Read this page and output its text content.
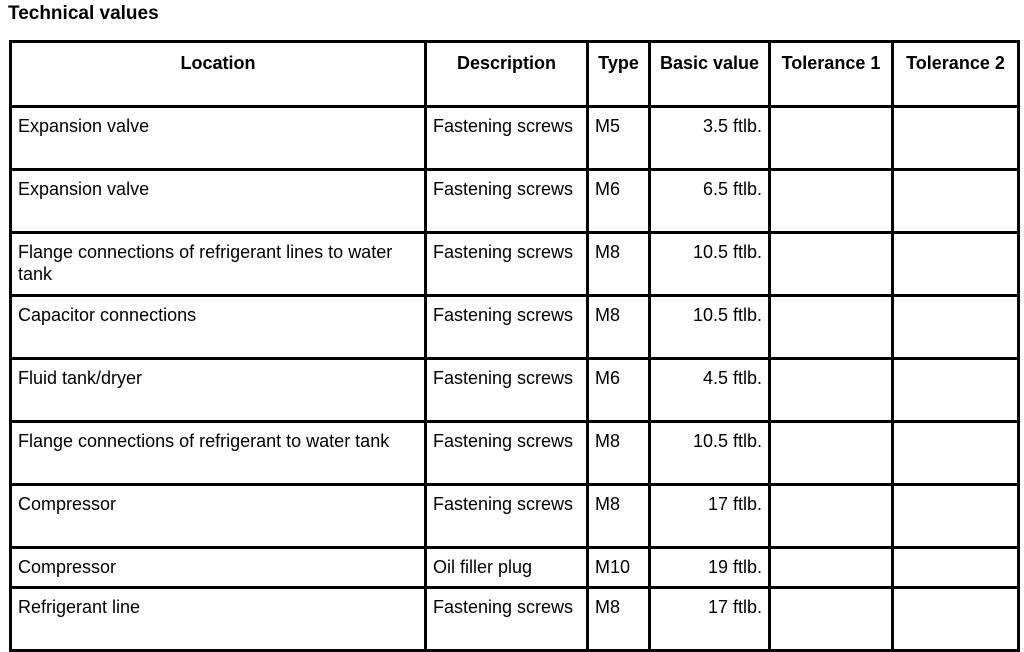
Technical values
Location	Description	Type	Basic value	Tolerance 1	Tolerance 2
Expansion valve	Fastening screws	M5	3.5 ftlb.		
Expansion valve	Fastening screws	M6	6.5 ftlb.		
Flange connections of refrigerant lines to water tank	Fastening screws	M8	10.5 ftlb.		
Capacitor connections	Fastening screws	M8	10.5 ftlb.		
Fluid tank/dryer	Fastening screws	M6	4.5 ftlb.		
Flange connections of refrigerant to water tank	Fastening screws	M8	10.5 ftlb.		
Compressor	Fastening screws	M8	17 ftlb.		
Compressor	Oil filler plug	M10	19 ftlb.		
Refrigerant line	Fastening screws	M8	17 ftlb.		
